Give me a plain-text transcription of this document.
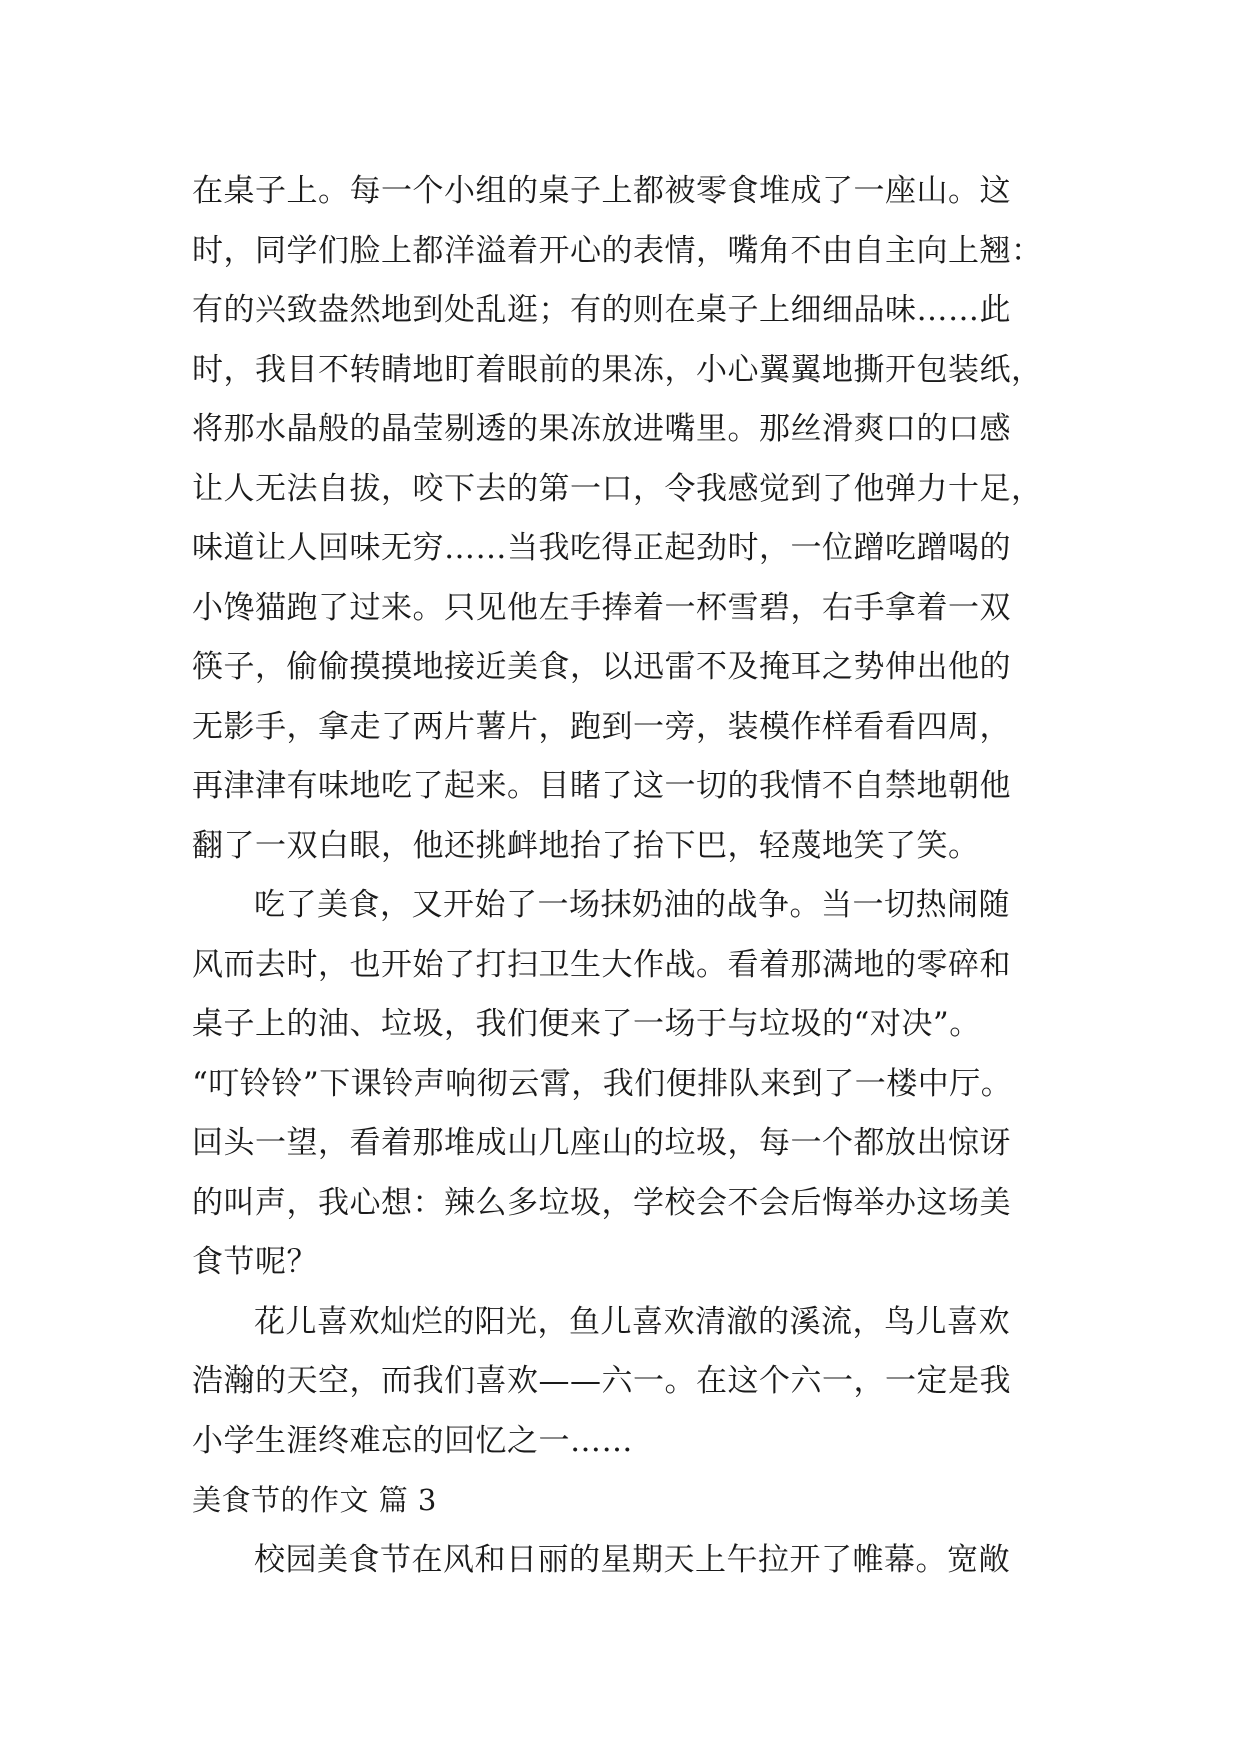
在桌子上。每一个小组的桌子上都被零食堆成了一座山。这
时，同学们脸上都洋溢着开心的表情，嘴角不由自主向上翘：
有的兴致盎然地到处乱逛；有的则在桌子上细细品味……此
时，我目不转睛地盯着眼前的果冻，小心翼翼地撕开包装纸，
将那水晶般的晶莹剔透的果冻放进嘴里。那丝滑爽口的口感
让人无法自拔，咬下去的第一口，令我感觉到了他弹力十足，
味道让人回味无穷……当我吃得正起劲时，一位蹭吃蹭喝的
小馋猫跑了过来。只见他左手捧着一杯雪碧，右手拿着一双
筷子，偷偷摸摸地接近美食，以迅雷不及掩耳之势伸出他的
无影手，拿走了两片薯片，跑到一旁，装模作样看看四周，
再津津有味地吃了起来。目睹了这一切的我情不自禁地朝他
翻了一双白眼，他还挑衅地抬了抬下巴，轻蔑地笑了笑。
吃了美食，又开始了一场抹奶油的战争。当一切热闹随
风而去时，也开始了打扫卫生大作战。看着那满地的零碎和
桌子上的油、垃圾，我们便来了一场于与垃圾的“对决”。
“叮铃铃”下课铃声响彻云霄，我们便排队来到了一楼中厅。
回头一望，看着那堆成山几座山的垃圾，每一个都放出惊讶
的叫声，我心想：辣么多垃圾，学校会不会后悔举办这场美
食节呢？
花儿喜欢灿烂的阳光，鱼儿喜欢清澈的溪流，鸟儿喜欢
浩瀚的天空，而我们喜欢——六一。在这个六一，一定是我
小学生涯终难忘的回忆之一……
美食节的作文 篇 3
校园美食节在风和日丽的星期天上午拉开了帷幕。宽敞
